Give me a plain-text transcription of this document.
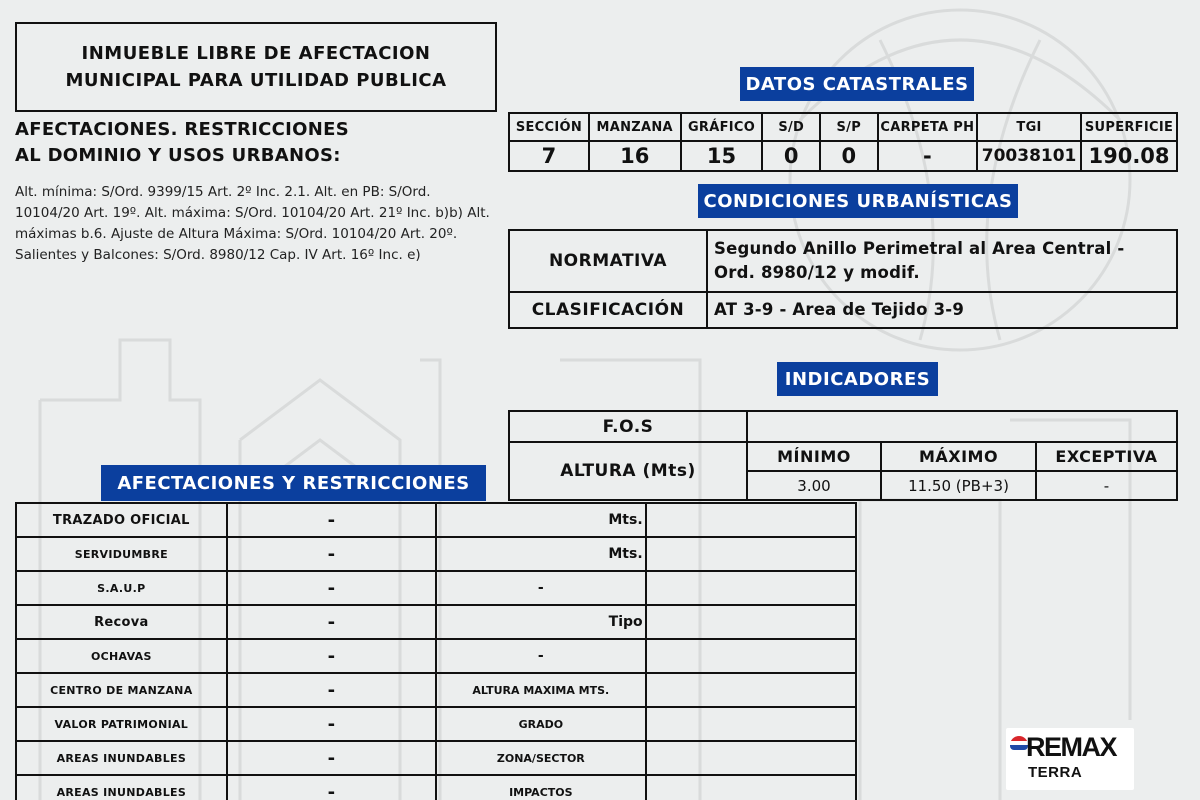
INMUEBLE LIBRE DE AFECTACION
MUNICIPAL PARA UTILIDAD PUBLICA
AFECTACIONES. RESTRICCIONES
AL DOMINIO Y USOS URBANOS:
Alt. mínima: S/Ord. 9399/15 Art. 2º Inc. 2.1. Alt. en PB: S/Ord. 10104/20 Art. 19º. Alt. máxima: S/Ord. 10104/20 Art. 21º Inc. b)b) Alt. máximas b.6. Ajuste de Altura Máxima: S/Ord. 10104/20 Art. 20º. Salientes y Balcones: S/Ord. 8980/12 Cap. IV Art. 16º Inc. e)
DATOS CATASTRALES
SECCIÓN	MANZANA	GRÁFICO	S/D	S/P	CARPETA PH	TGI	SUPERFICIE
7	16	15	0	0	-	70038101	190.08
CONDICIONES URBANÍSTICAS
NORMATIVA	Segundo Anillo Perimetral al Area Central - Ord. 8980/12 y modif.
CLASIFICACIÓN	AT 3-9 - Area de Tejido 3-9
INDICADORES
F.O.S			
ALTURA (Mts)	MÍNIMO	MÁXIMO	EXCEPTIVA
	3.00	11.50 (PB+3)	-
AFECTACIONES Y RESTRICCIONES
TRAZADO OFICIAL	-	Mts.	
SERVIDUMBRE	-	Mts.	
S.A.U.P	-	-	
Recova	-	Tipo	
OCHAVAS	-	-	
CENTRO DE MANZANA	-	ALTURA MAXIMA MTS.	
VALOR PATRIMONIAL	-	GRADO	
AREAS INUNDABLES	-	ZONA/SECTOR	
AREAS INUNDABLES	-	IMPACTOS	
REMAX
TERRA
